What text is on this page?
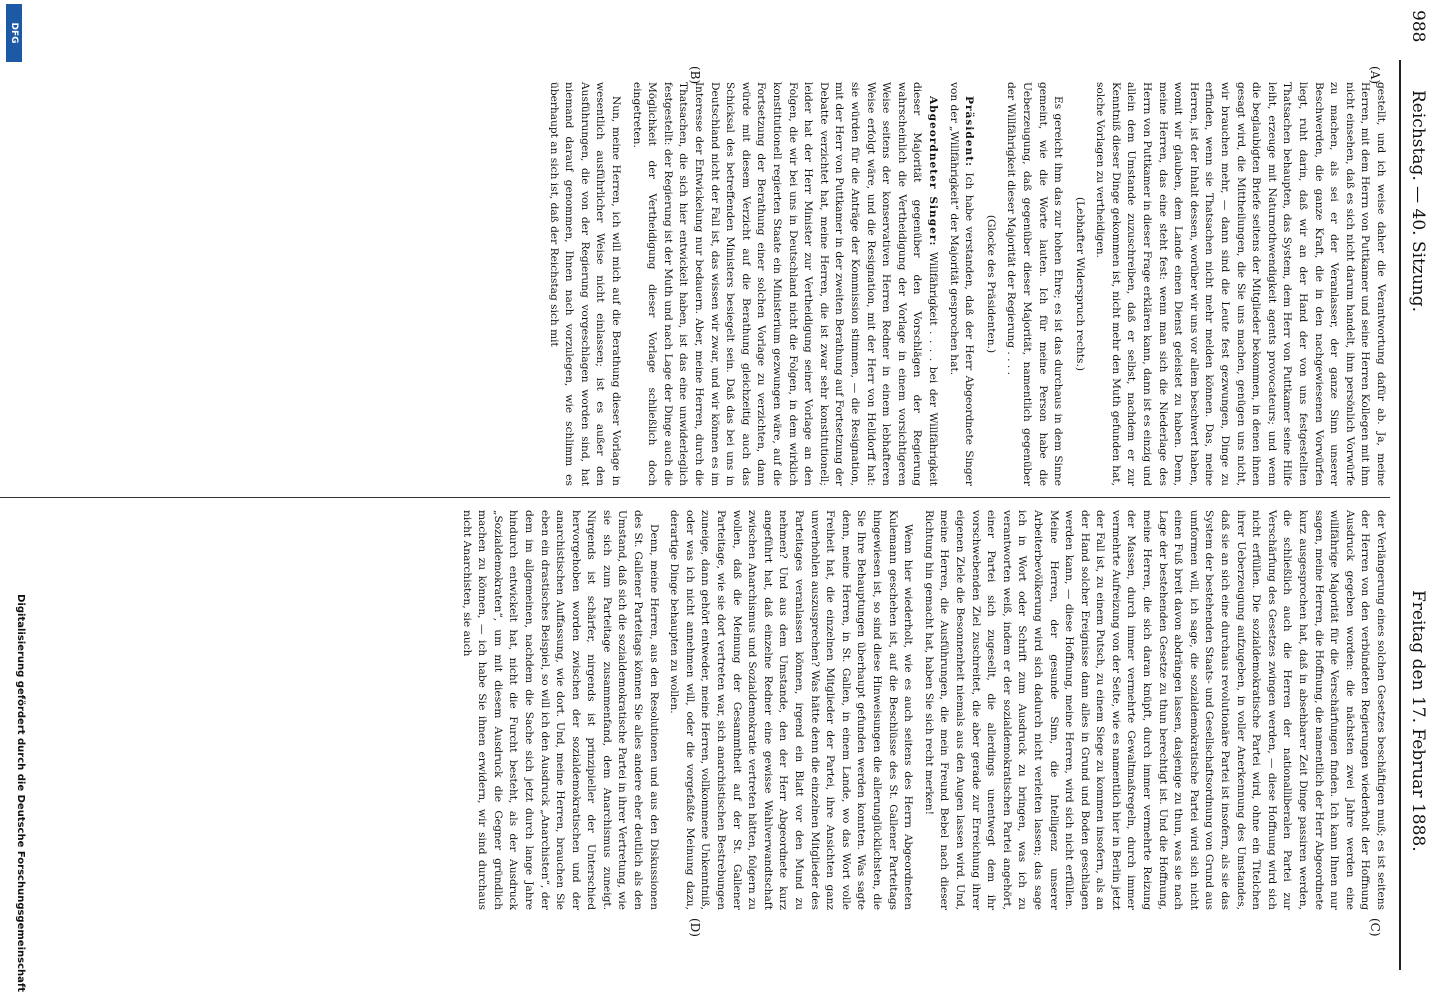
988
Reichstag. — 40. Sitzung.
Freitag den 17. Februar 1888.
(A)
(B)
(C)
(D)

gestellt, und ich weise daher die Verantwortung dafür ab. Ja, meine Herren, mit dem Herrn von Puttkamer und seine Herren Kollegen mit ihm nicht einsehen, daß es sich nicht darum handelt, ihm persönlich Vorwürfe zu machen, als sei er der Veranlasser, der ganze Sinn unserer Beschwerden, die ganze Kraft, die in den nachgewiesenen Vorwürfen liegt, ruht darin, daß wir an der Hand der von uns festgestellten Thatsachen behaupten, das System, dem Herr von Puttkamer seine Hilfe leiht, erzeuge mit Naturnothwendigkeit agents provocateurs; und wenn die beglaubigten Briefe seitens der Mitglieder bekommen, in denen ihnen gesagt wird, die Mittheilungen, die Sie uns machen, genügen uns nicht, wir brauchen mehr, — dann sind die Leute fest gezwungen, Dinge zu erfinden, wenn sie Thatsachen nicht mehr melden können. Das, meine Herren, ist der Inhalt dessen, worüber wir uns vor allem beschwert haben, womit wir glauben, dem Lande einen Dienst geleistet zu haben. Denn, meine Herren, das eine steht fest: wenn man sich die Niederlage des Herrn von Puttkamer in dieser Frage erklären kann, dann ist es einzig und allein dem Umstande zuzuschreiben, daß er selbst, nachdem er zur Kenntniß dieser Dinge gekommen ist, nicht mehr den Muth gefunden hat, solche Vorlagen zu vertheidigen.

(Lebhafter Widerspruch rechts.)

Es gereicht ihm das zur hohen Ehre; es ist das durchaus in dem Sinne gemeint, wie die Worte lauten. Ich für meine Person habe die Ueberzeugung, daß gegenüber dieser Majorität, namentlich gegenüber der Willfährigkeit dieser Majorität der Regierung . . . .

(Glocke des Präsidenten.)

Präsident: Ich habe verstanden, daß der Herr Abgeordnete Singer von der „Willfährigkeit“ der Majorität gesprochen hat.

Abgeordneter Singer: Willfährigkeit . . . . bei der Willfährigkeit dieser Majorität gegenüber den Vorschlägen der Regierung wahrscheinlich die Vertheidigung der Vorlage in einem vorsichtigeren Weise seitens der konservativen Herren Redner in einem lebhafteren Weise erfolgt wäre, und die Resignation, mit der Herr von Helldorff hat: sie würden für die Anträge der Kommission stimmen, — die Resignation, mit der Herr von Puttkamer in der zweiten Berathung auf Fortsetzung der Debatte verzichtet hat, meine Herren, die ist zwar sehr konstitutionell; leider hat der Herr Minister zur Vertheidigung seiner Vorlage an den Folgen, die wir bei uns in Deutschland nicht die Folgen, in dem wirklich konstitutionell regierten Staate ein Ministerium gezwungen wäre, auf die Fortsetzung der Berathung einer solchen Vorlage zu verzichten, dann würde mit diesem Verzicht auf die Berathung gleichzeitig auch das Schicksal des betreffenden Ministers besiegelt sein. Daß das bei uns in Deutschland nicht der Fall ist, das wissen wir zwar, und wir können es im Interesse der Entwickelung nur bedauern. Aber, meine Herren, durch die Thatsachen, die sich hier entwickelt haben, ist das eine unwiderleglich festgestellt: der Regierung ist der Muth und nach Lage der Dinge auch die Möglichkeit der Vertheidigung dieser Vorlage schließlich doch eingetreten.

Nun, meine Herren, ich will mich auf die Berathung dieser Vorlage in wesentlich ausführlicher Weise nicht einlassen; ist es außer den Ausführungen, die von der Regierung vorgeschlagen worden sind, hat niemand darauf genommen, Ihnen nach vorzulegen, wie schlimm es überhaupt an sich ist, daß der Reichstag sich mit

der Verlängerung eines solchen Gesetzes beschäftigen muß; es ist seitens der Herren von den verbündeten Regierungen wiederholt der Hoffnung Ausdruck gegeben worden: die nächsten zwei Jahre werden eine willfährige Majorität für die Verschärfungen finden. Ich kann Ihnen nur sagen, meine Herren, die Hoffnung, die namentlich der Herr Abgeordnete kurz ausgesprochen hat, daß in absehbarer Zeit Dinge passiren werden, die schließlich auch die Herren der nationalliberalen Partei zur Verschärfung des Gesetzes zwingen werden, — diese Hoffnung wird sich nicht erfüllen. Die sozialdemokratische Partei wird, ohne ein Titelchen ihrer Ueberzeugung aufzugeben, in voller Anerkennung des Umstandes, daß sie an sich eine durchaus revolutionäre Partei ist insofern, als sie das System der bestehenden Staats- und Gesellschaftsordnung von Grund aus umformen will, ich sage, die sozialdemokratische Partei wird sich nicht einen Fuß breit davon abdrängen lassen, dasjenige zu thun, was sie nach Lage der bestehenden Gesetze zu thun berechtigt ist. Und die Hoffnung, meine Herren, die sich daran knüpft, durch immer vermehrte Reizung der Massen, durch immer vermehrte Gewaltmaßregeln, durch immer vermehrte Aufreizung von der Seite, wie es namentlich hier in Berlin jetzt der Fall ist, zu einem Putsch, zu einem Siege zu kommen insofern, als an der Hand solcher Ereignisse dann alles in Grund und Boden geschlagen werden kann, — diese Hoffnung, meine Herren, wird sich nicht erfüllen. Meine Herren, der gesunde Sinn, die Intelligenz unserer Arbeiterbevölkerung wird sich dadurch nicht verleiten lassen; das sage ich in Wort oder Schrift zum Ausdruck zu bringen, was ich zu verantworten weiß, indem er der sozialdemokratischen Partei angehört, einer Partei sich zugesellt, die allerdings unentwegt dem ihr vorschwebenden Ziel zuschreitet, die aber gerade zur Erreichung ihrer eigenen Ziele die Besonnenheit niemals aus den Augen lassen wird. Und, meine Herren, die Ausführungen, die mein Freund Bebel nach dieser Richtung hin gemacht hat, haben Sie sich recht merken!

Wenn hier wiederholt, wie es auch seitens des Herrn Abgeordneten Kulemann geschehen ist, auf die Beschlüsse des St. Gallener Parteitags hingewiesen ist, so sind diese Hinweisungen die allerunglücklichsten, die Sie Ihre Behauptungen überhaupt gefunden werden konnten. Was sagte denn, meine Herren, in St. Gallen, in einem Lande, wo das Wort volle Freiheit hat, die einzelnen Mitglieder der Partei, ihre Ansichten ganz unverhohlen auszusprechen? Was hätte denn die einzelnen Mitglieder des Parteitages veranlassen können, irgend ein Blatt vor den Mund zu nehmen? Und aus dem Umstande, den der Herr Abgeordnete kurz angeführt hat, daß einzelne Redner eine gewisse Wahlverwandtschaft zwischen Anarchismus und Sozialdemokratie vertreten hätten, folgern zu wollen, daß die Meinung der Gesammtheit auf der St. Gallener Parteitage, wie sie dort vertreten war, sich anarchistischen Bestrebungen zuneige, dann gehört entweder, meine Herren, vollkommene Unkenntniß, oder was ich nicht annehmen will, oder die vorgefaßte Meinung dazu, derartige Dinge behaupten zu wollen.

Denn, meine Herren, aus den Resolutionen und aus den Diskussionen des St. Gallener Parteitags können Sie alles andere eher deutlich als den Umstand, daß sich die sozialdemokratische Partei in ihrer Vertretung, wie sie sich zum Parteitage zusammenfand, dem Anarchismus zuneigt. Nirgends ist schärfer, nirgends ist prinzipieller der Unterschied hervorgehoben worden zwischen der sozialdemokratischen und der anarchistischen Auffassung, wie dort. Und, meine Herren, brauchen Sie eben ein drastisches Beispiel, so will ich den Ausdruck „Anarchisten“, der dem im allgemeinen, nachdem die Sache sich jetzt durch lange Jahre hindurch entwickelt hat, nicht die Furcht besteht, als der Ausdruck „Sozialdemokraten“, um mit diesem Ausdruck die Gegner gründlich machen zu können, — ich habe Sie ihnen erwidern, wir sind durchaus nicht Anarchisten, sie auch

DFG
Digitalisierung gefördert durch die Deutsche Forschungsgemeinschaft
